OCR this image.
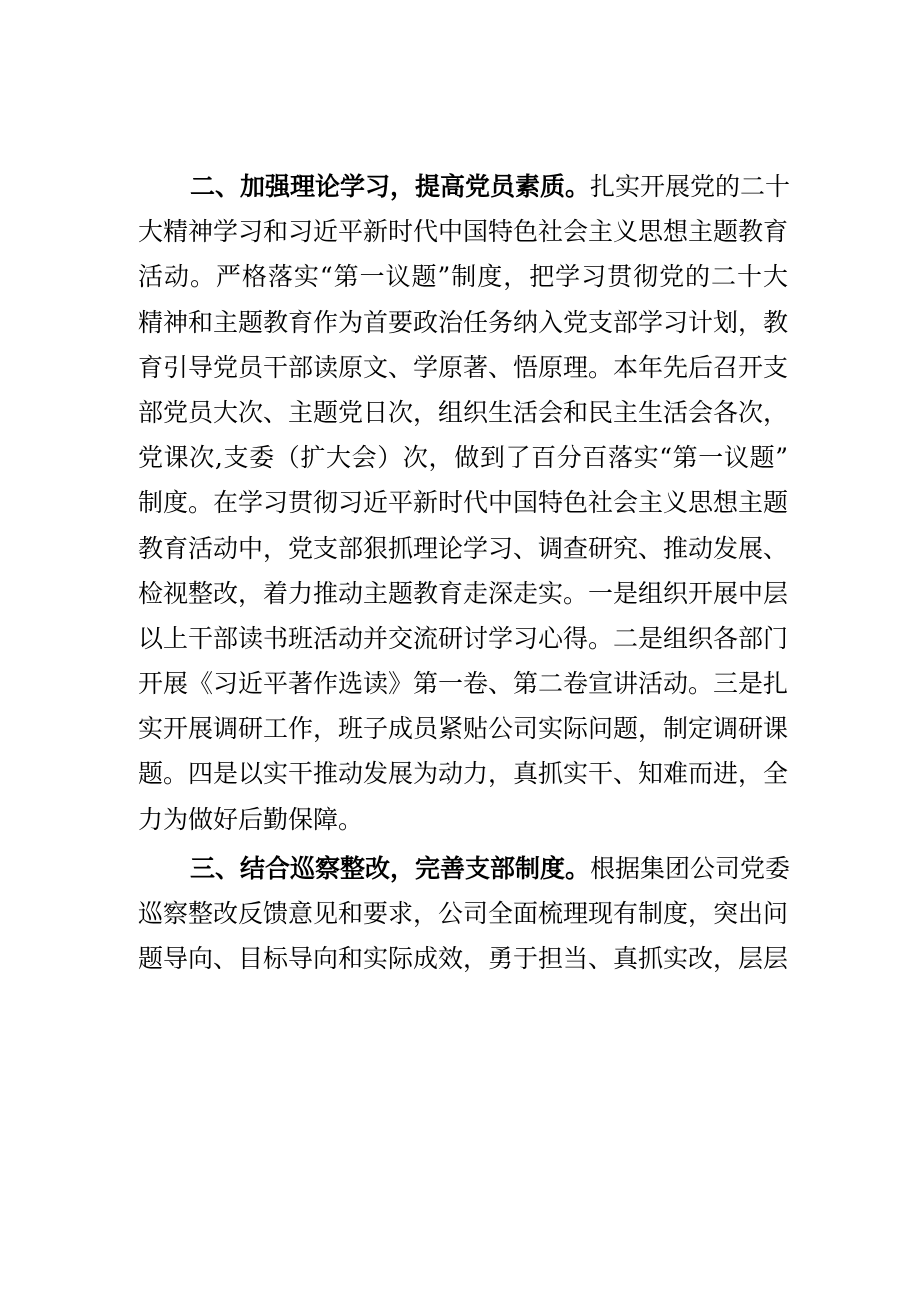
二、加强理论学习，提高党员素质。扎实开展党的二十
大精神学习和习近平新时代中国特色社会主义思想主题教育
活动。严格落实“第一议题”制度，把学习贯彻党的二十大
精神和主题教育作为首要政治任务纳入党支部学习计划，教
育引导党员干部读原文、学原著、悟原理。本年先后召开支
部党员大次、主题党日次，组织生活会和民主生活会各次，
党课次,支委（扩大会）次，做到了百分百落实“第一议题”
制度。在学习贯彻习近平新时代中国特色社会主义思想主题
教育活动中，党支部狠抓理论学习、调查研究、推动发展、
检视整改，着力推动主题教育走深走实。一是组织开展中层
以上干部读书班活动并交流研讨学习心得。二是组织各部门
开展《习近平著作选读》第一卷、第二卷宣讲活动。三是扎
实开展调研工作，班子成员紧贴公司实际问题，制定调研课
题。四是以实干推动发展为动力，真抓实干、知难而进，全
力为做好后勤保障。
三、结合巡察整改，完善支部制度。根据集团公司党委
巡察整改反馈意见和要求，公司全面梳理现有制度，突出问
题导向、目标导向和实际成效，勇于担当、真抓实改，层层
